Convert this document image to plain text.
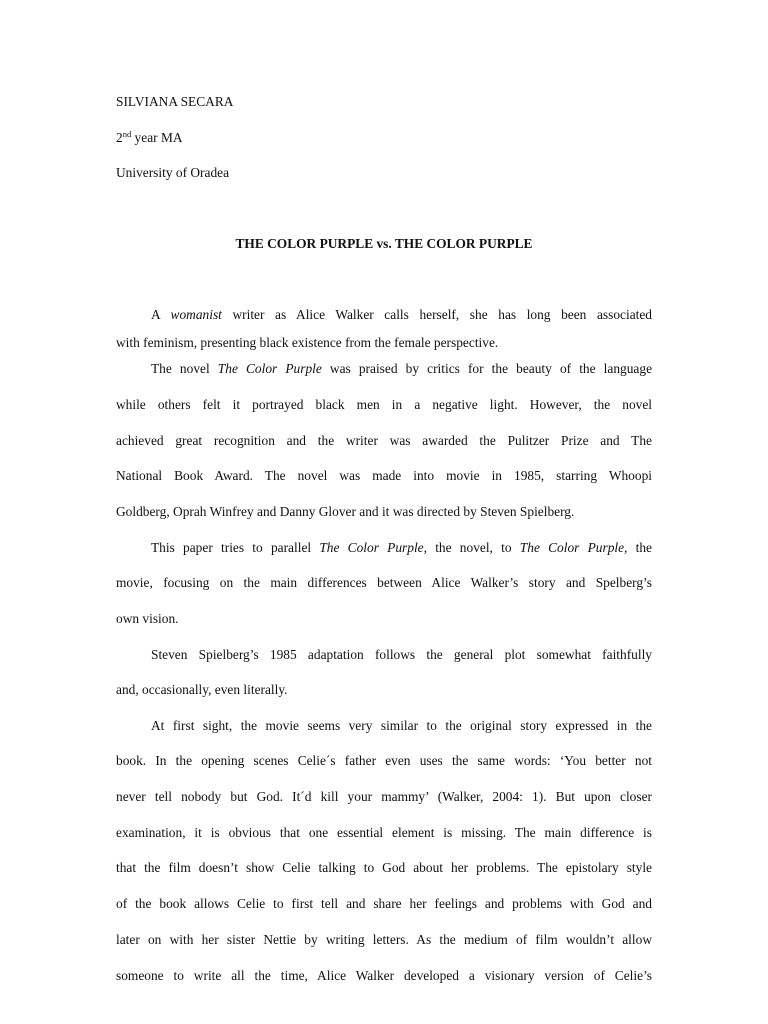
SILVIANA SECARA
2nd year MA
University of Oradea
THE COLOR PURPLE vs. THE COLOR PURPLE
A womanist writer as Alice Walker calls herself, she has long been associated
with feminism, presenting black existence from the female perspective.
The novel The Color Purple was praised by critics for the beauty of the language
while others felt it portrayed black men in a negative light. However, the novel
achieved great recognition and the writer was awarded the Pulitzer Prize and The
National Book Award. The novel was made into movie in 1985, starring Whoopi
Goldberg, Oprah Winfrey and Danny Glover and it was directed by Steven Spielberg.
This paper tries to parallel The Color Purple, the novel, to The Color Purple, the
movie, focusing on the main differences between Alice Walker’s story and Spelberg’s
own vision.
Steven Spielberg’s 1985 adaptation follows the general plot somewhat faithfully
and, occasionally, even literally.
At first sight, the movie seems very similar to the original story expressed in the
book. In the opening scenes Celie´s father even uses the same words: ‘You better not
never tell nobody but God. It´d kill your mammy’ (Walker, 2004: 1). But upon closer
examination, it is obvious that one essential element is missing. The main difference is
that the film doesn’t show Celie talking to God about her problems. The epistolary style
of the book allows Celie to first tell and share her feelings and problems with God and
later on with her sister Nettie by writing letters. As the medium of film wouldn’t allow
someone to write all the time, Alice Walker developed a visionary version of Celie’s
